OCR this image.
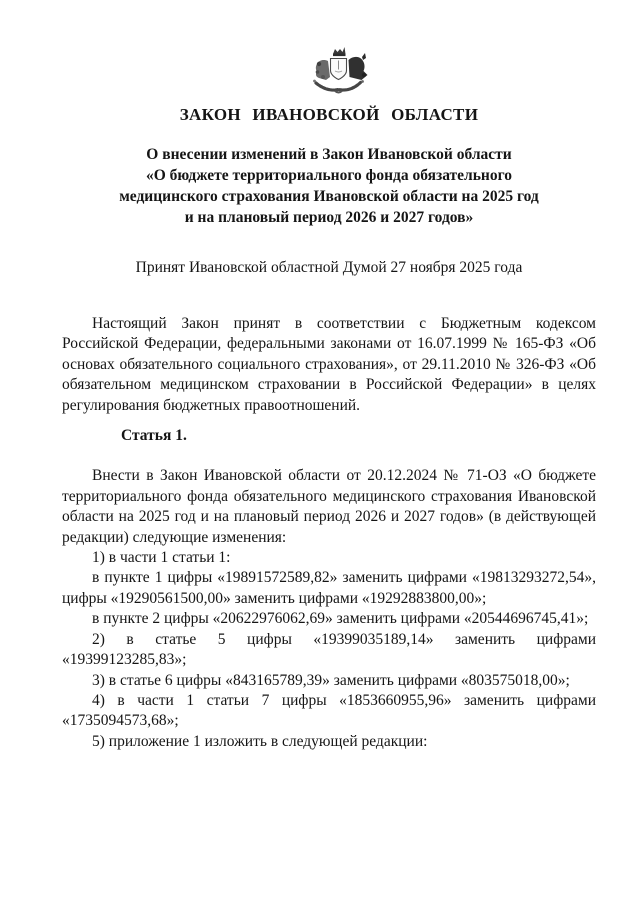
ЗАКОН ИВАНОВСКОЙ ОБЛАСТИ
О внесении изменений в Закон Ивановской области
«О бюджете территориального фонда обязательного
медицинского страхования Ивановской области на 2025 год
и на плановый период 2026 и 2027 годов»
Принят Ивановской областной Думой 27 ноября 2025 года

Настоящий Закон принят в соответствии с Бюджетным кодексом Российской Федерации, федеральными законами от 16.07.1999 № 165-ФЗ «Об основах обязательного социального страхования», от 29.11.2010 № 326-ФЗ «Об обязательном медицинском страховании в Российской Федерации» в целях регулирования бюджетных правоотношений.

Статья 1.

Внести в Закон Ивановской области от 20.12.2024 № 71-ОЗ «О бюджете территориального фонда обязательного медицинского страхования Ивановской области на 2025 год и на плановый период 2026 и 2027 годов» (в действующей редакции) следующие изменения:

1) в части 1 статьи 1:

в пункте 1 цифры «19891572589,82» заменить цифрами «19813293272,54», цифры «19290561500,00» заменить цифрами «19292883800,00»;

в пункте 2 цифры «20622976062,69» заменить цифрами «20544696745,41»;

2) в статье 5 цифры «19399035189,14» заменить цифрами «19399123285,83»;

3) в статье 6 цифры «843165789,39» заменить цифрами «803575018,00»;

4) в части 1 статьи 7 цифры «1853660955,96» заменить цифрами «1735094573,68»;

5) приложение 1 изложить в следующей редакции:
